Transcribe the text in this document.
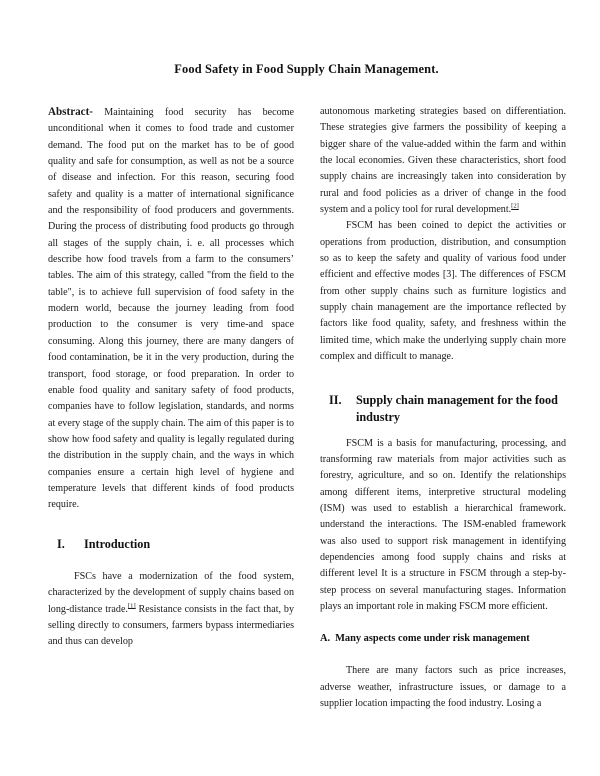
Food Safety in Food Supply Chain Management.

Abstract- Maintaining food security has become unconditional when it comes to food trade and customer demand. The food put on the market has to be of good quality and safe for consumption, as well as not be a source of disease and infection. For this reason, securing food safety and quality is a matter of international significance and the responsibility of food producers and governments. During the process of distributing food products go through all stages of the supply chain, i. e. all processes which describe how food travels from a farm to the consumers’ tables. The aim of this strategy, called "from the field to the table", is to achieve full supervision of food safety in the modern world, because the journey leading from food production to the consumer is very time-and space consuming. Along this journey, there are many dangers of food contamination, be it in the very production, during the transport, food storage, or food preparation. In order to enable food quality and sanitary safety of food products, companies have to follow legislation, standards, and norms at every stage of the supply chain. The aim of this paper is to show how food safety and quality is legally regulated during the distribution in the supply chain, and the ways in which companies ensure a certain high level of hygiene and temperature levels that different kinds of food products require.

I.	Introduction

FSCs have a modernization of the food system, characterized by the development of supply chains based on long-distance trade.[1] Resistance consists in the fact that, by selling directly to consumers, farmers bypass intermediaries and thus can develop

autonomous marketing strategies based on differentiation. These strategies give farmers the possibility of keeping a bigger share of the value-added within the farm and within the local economies. Given these characteristics, short food supply chains are increasingly taken into consideration by rural and food policies as a driver of change in the food system and a policy tool for rural development.[2]

FSCM has been coined to depict the activities or operations from production, distribution, and consumption so as to keep the safety and quality of various food under efficient and effective modes [3]. The differences of FSCM from other supply chains such as furniture logistics and supply chain management are the importance reflected by factors like food quality, safety, and freshness within the limited time, which make the underlying supply chain more complex and difficult to manage.

II.	Supply chain management for the food industry

FSCM is a basis for manufacturing, processing, and transforming raw materials from major activities such as forestry, agriculture, and so on. Identify the relationships among different items, interpretive structural modeling (ISM) was used to establish a hierarchical framework. understand the interactions. The ISM-enabled framework was also used to support risk management in identifying dependencies among food supply chains and risks at different level It is a structure in FSCM through a step-by-step process on several manufacturing stages. Information plays an important role in making FSCM more efficient.

A. Many aspects come under risk management

There are many factors such as price increases, adverse weather, infrastructure issues, or damage to a supplier location impacting the food industry. Losing a
